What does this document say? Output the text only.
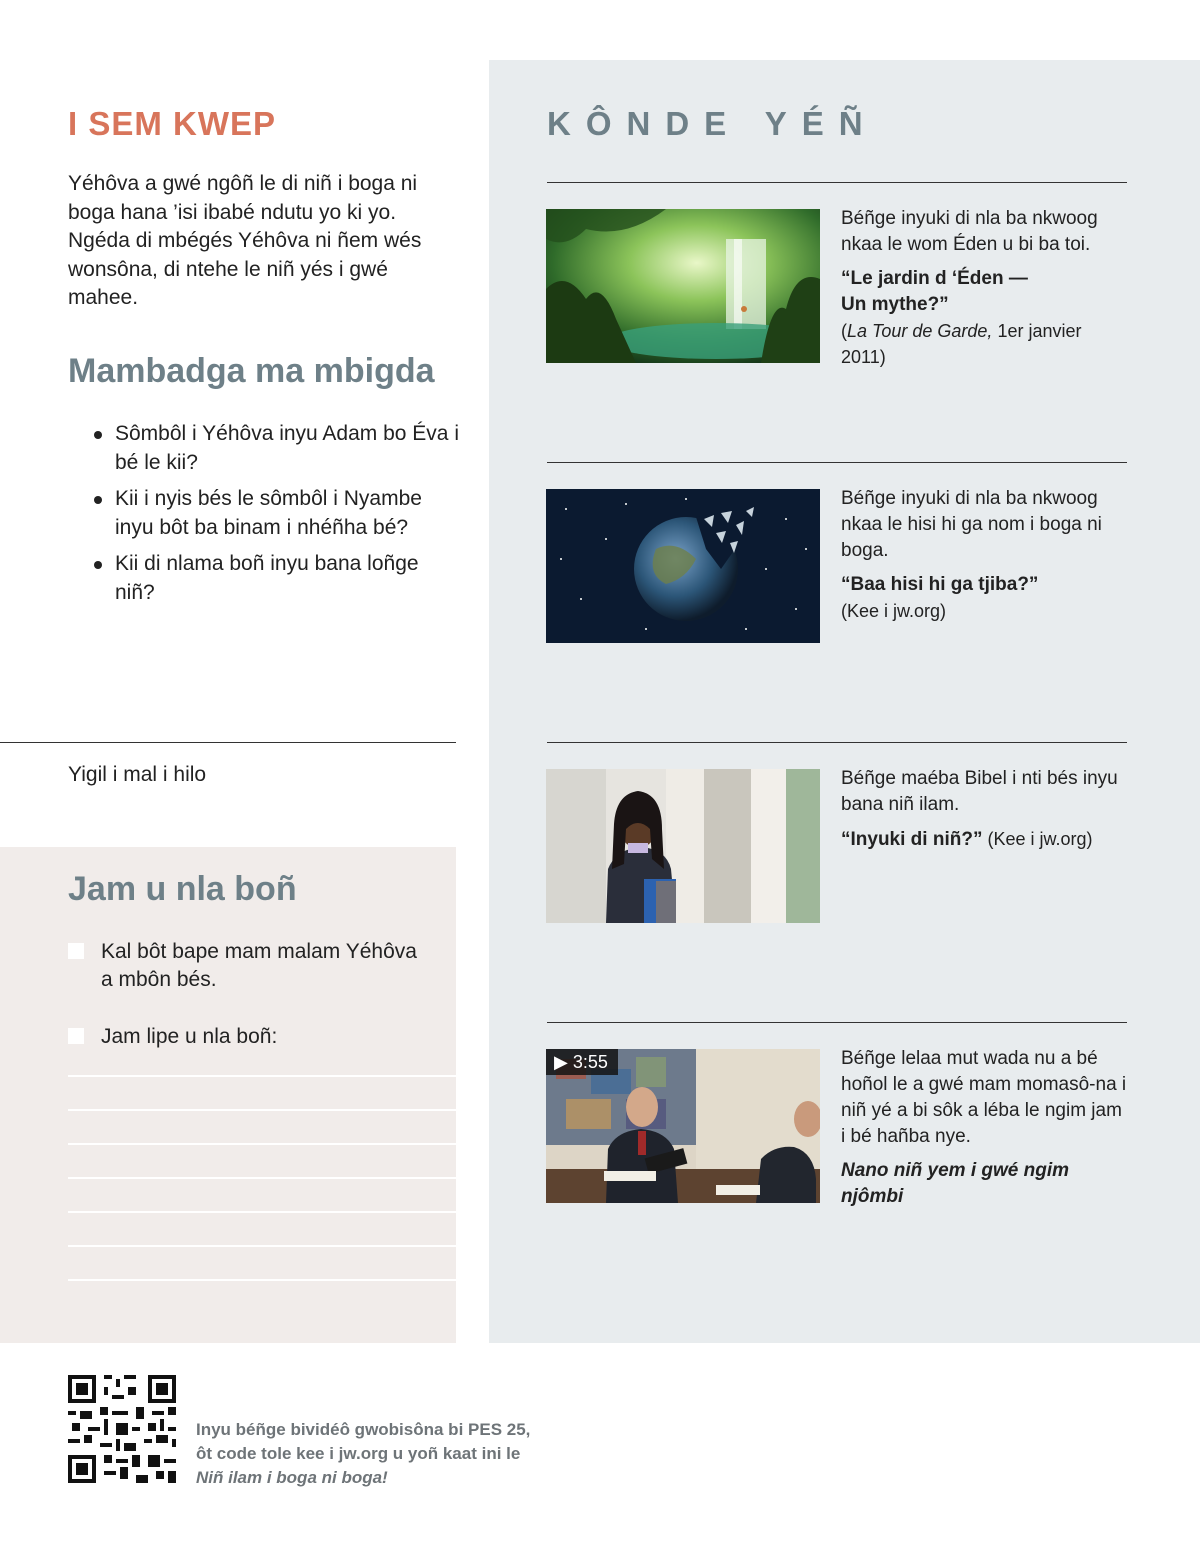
I SEM KWEP

Yéhôva a gwé ngôñ le di niñ i boga ni boga hana ’isi ibabé ndutu yo ki yo. Ngéda di mbégés Yéhôva ni ñem wés wonsôna, di ntehe le niñ yés i gwé mahee.

Mambadga ma mbigda
Sômbôl i Yéhôva inyu Adam bo Éva i bé le kii?
Kii i nyis bés le sômbôl i Nyambe inyu bôt ba binam i nhéñha bé?
Kii di nlama boñ inyu bana loñge niñ?
Yigil i mal i hilo
Jam u nla boñ
Kal bôt bape mam malam Yéhôva a mbôn bés.
Jam lipe u nla boñ:
KÔNDE YÉÑ
Béñge inyuki di nla ba nkwoog nkaa le wom Éden u bi ba toi.
“Le jardin d ‘Éden —Un mythe?”
(La Tour de Garde, 1er janvier 2011)
Béñge inyuki di nla ba nkwoog nkaa le hisi hi ga nom i boga ni boga.
“Baa hisi hi ga tjiba?”
(Kee i jw.org)
Béñge maéba Bibel i nti bés inyu bana niñ ilam.
“Inyuki di niñ?” (Kee i jw.org)
▶ 3:55	Béñge lelaa mut wada nu a bé hoñol le a gwé mam momasô-na i niñ yé a bi sôk a léba le ngim jam i bé hañba nye.
Nano niñ yem i gwé ngim njômbi
Inyu béñge bividéô gwobisôna bi PES 25,
ôt code tole kee i jw.org u yoñ kaat ini le
Niñ ilam i boga ni boga!
